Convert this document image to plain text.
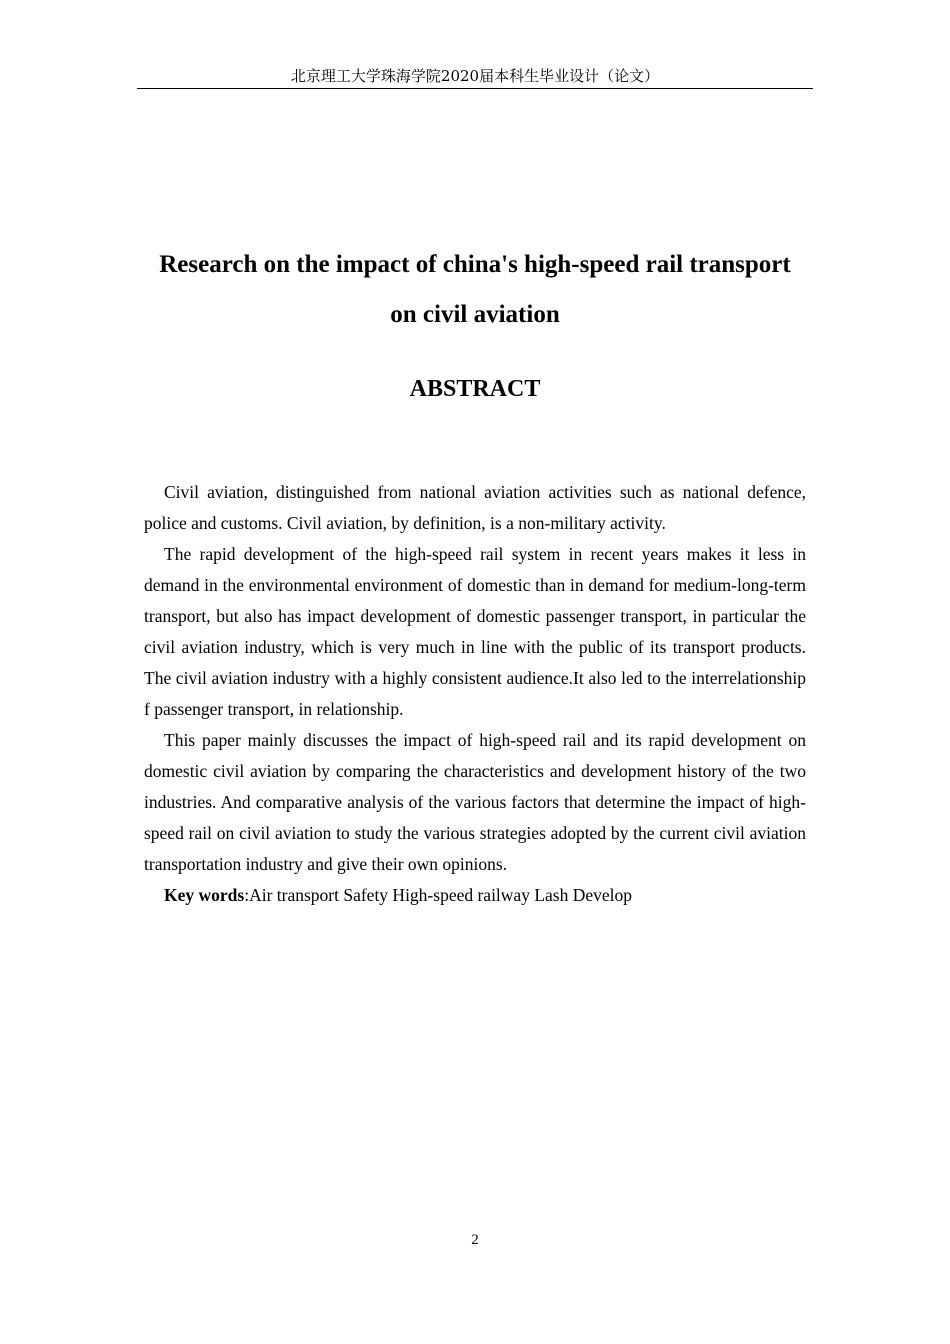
北京理工大学珠海学院2020届本科生毕业设计（论文）
Research on the impact of china's high-speed rail transport
on civil aviation
ABSTRACT

Civil aviation, distinguished from national aviation activities such as national defence, police and customs. Civil aviation, by definition, is a non-military activity.

The rapid development of the high-speed rail system in recent years makes it less in demand in the environmental environment of domestic than in demand for medium-long-term transport, but also has impact development of domestic passenger transport, in particular the civil aviation industry, which is very much in line with the public of its transport products. The civil aviation industry with a highly consistent audience.It also led to the interrelationship f passenger transport, in relationship.

This paper mainly discusses the impact of high-speed rail and its rapid development on domestic civil aviation by comparing the characteristics and development history of the two industries. And comparative analysis of the various factors that determine the impact of high-speed rail on civil aviation to study the various strategies adopted by the current civil aviation transportation industry and give their own opinions.

Key words:Air transport Safety High-speed railway Lash Develop

2
